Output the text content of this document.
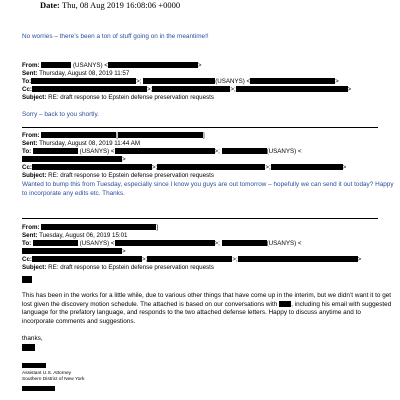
Date: Thu, 08 Aug 2019 16:08:06 +0000
No worries – there’s been a ton of stuff going on in the meantime!!
From:	(USANYS) <	>
Sent: Thursday, August 08, 2019 11:57
To:	>;	(USANYS) <	>
Cc:	>;	>;	>
Subject: RE: draft response to Epstein defense preservation requests
Sorry – back to you shortly.
From:	]
Sent: Thursday, August 08, 2019 11:44 AM
To:	(USANYS) <	>;	(USANYS) <>
Cc:	>;	>;	>
Subject: RE: draft response to Epstein defense preservation requests
Wanted to bump this from Tuesday, especially since I know you guys are out tomorrow – hopefully we can send it out today? Happy to incorporate any edits etc. Thanks.
From:	]
Sent: Tuesday, August 06, 2019 15:01
To:	(USANYS) <	>;	(USANYS) <>
Cc:	>;	>;	>
Subject: RE: draft response to Epstein defense preservation requests
This has been in the works for a little while, due to various other things that have come up in the interim, but we didn’t want it to get lost given the discovery motion schedule. The attached is based on our conversations with , including his email with suggested language for the prefatory language, and responds to the two attached defense letters. Happy to discuss anytime and to incorporate comments and suggestions.
thanks,
Assistant U.S. Attorney
Southern District of New York
